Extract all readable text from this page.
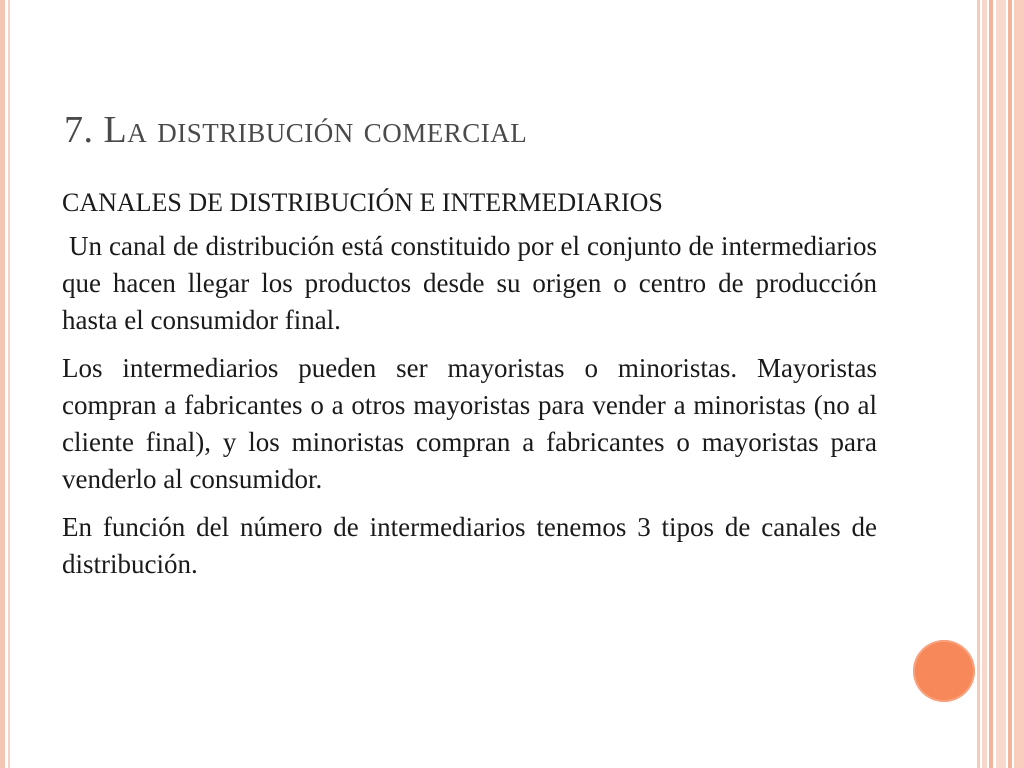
7. La distribución comercial
CANALES DE DISTRIBUCIÓN E INTERMEDIARIOS

Un canal de distribución está constituido por el conjunto de intermediarios que hacen llegar los productos desde su origen o centro de producción hasta el consumidor final.

Los intermediarios pueden ser mayoristas o minoristas. Mayoristas compran a fabricantes o a otros mayoristas para vender a minoristas (no al cliente final), y los minoristas compran a fabricantes o mayoristas para venderlo al consumidor.

En función del número de intermediarios tenemos 3 tipos de canales de distribución.
